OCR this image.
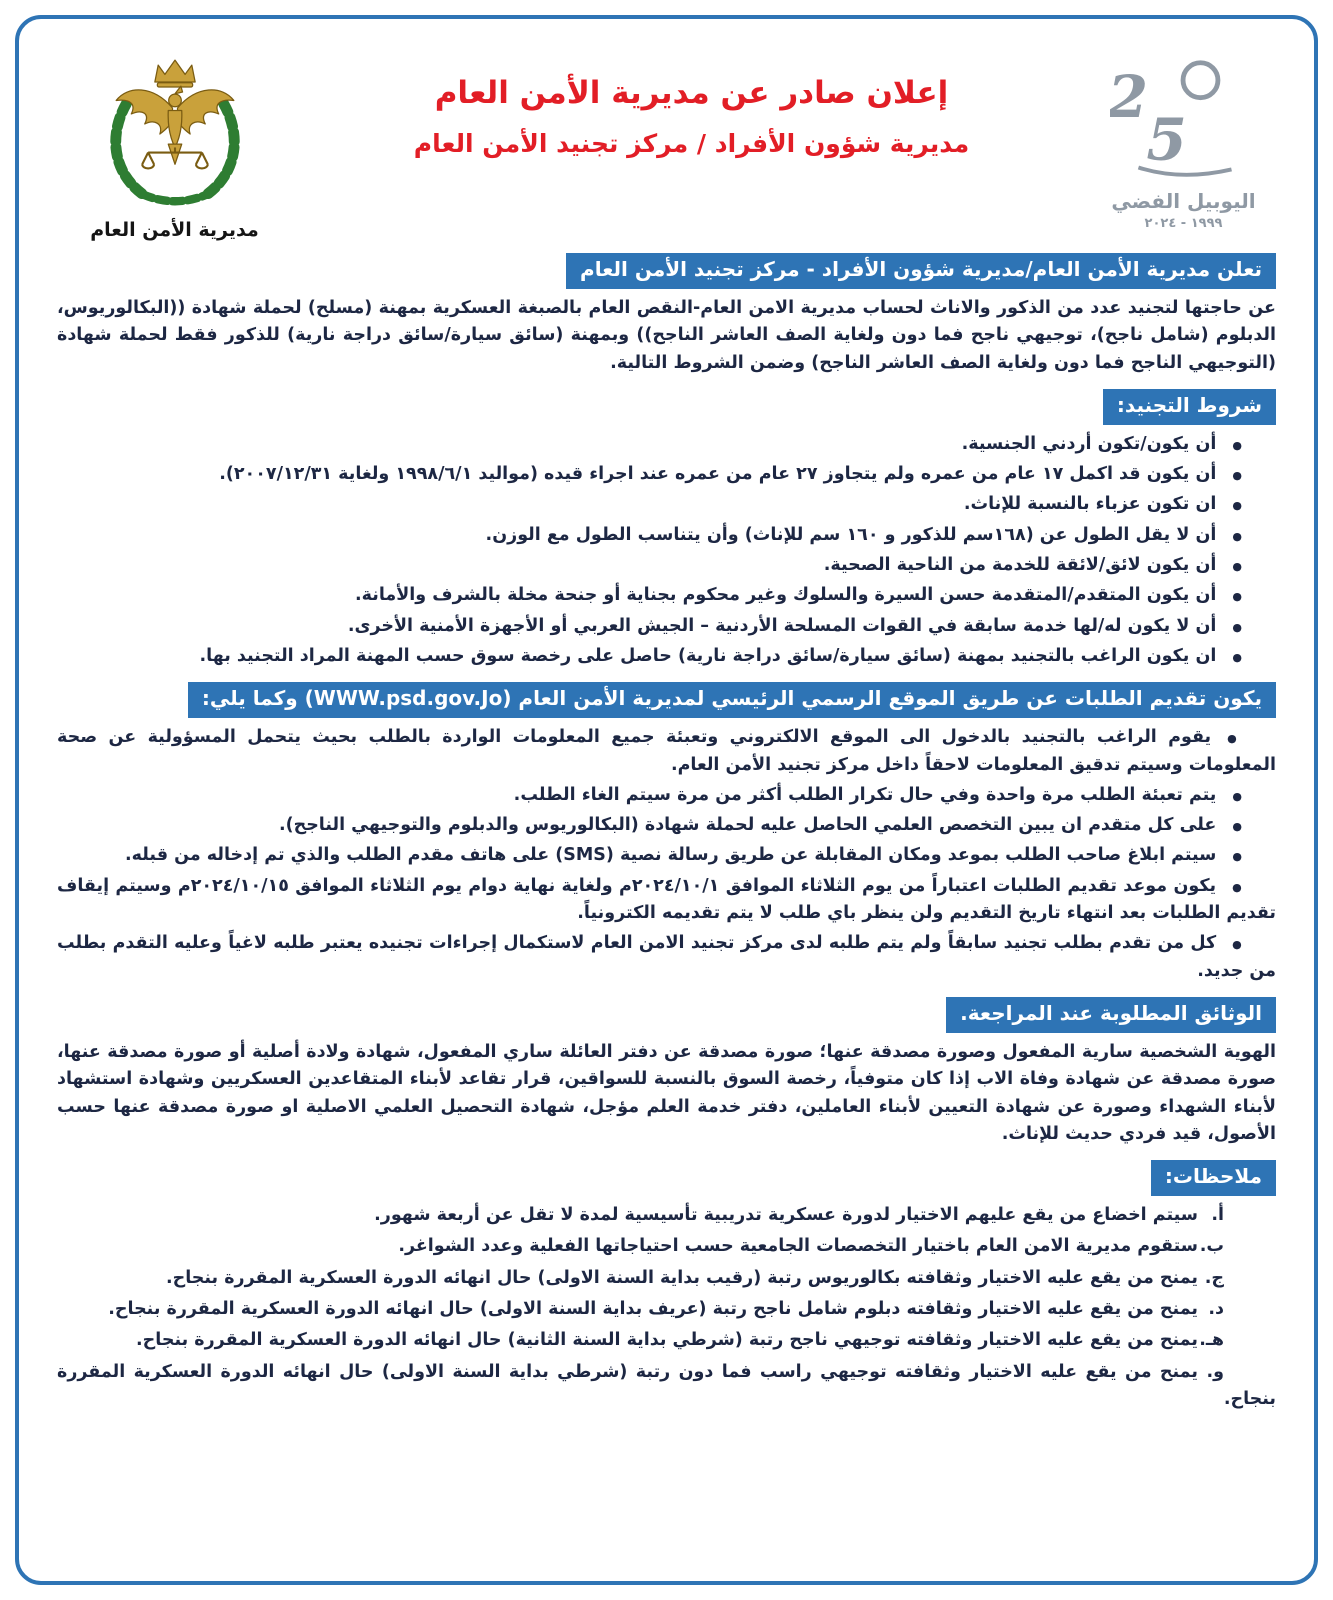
2
5
اليوبيل الفضي
١٩٩٩ - ٢٠٢٤
إعلان صادر عن مديرية الأمن العام
مديرية شؤون الأفراد / مركز تجنيد الأمن العام
مديرية الأمن العام
تعلن مديرية الأمن العام/مديرية شؤون الأفراد - مركز تجنيد الأمن العام

عن حاجتها لتجنيد عدد من الذكور والاناث لحساب مديرية الامن العام-النقص العام بالصبغة العسكرية بمهنة (مسلح) لحملة شهادة ((البكالوريوس، الدبلوم (شامل ناجح)، توجيهي ناجح فما دون ولغاية الصف العاشر الناجح)) وبمهنة (سائق سيارة/سائق دراجة نارية) للذكور فقط لحملة شهادة (التوجيهي الناجح فما دون ولغاية الصف العاشر الناجح) وضمن الشروط التالية.

شروط التجنيد:

● أن يكون/تكون أردني الجنسية.

● أن يكون قد اكمل ١٧ عام من عمره ولم يتجاوز ٢٧ عام من عمره عند اجراء قيده (مواليد ١٩٩٨/٦/١ ولغاية ٢٠٠٧/١٢/٣١).

● ان تكون عزباء بالنسبة للإناث.

● أن لا يقل الطول عن (١٦٨سم للذكور و ١٦٠ سم للإناث) وأن يتناسب الطول مع الوزن.

● أن يكون لائق/لائقة للخدمة من الناحية الصحية.

● أن يكون المتقدم/المتقدمة حسن السيرة والسلوك وغير محكوم بجناية أو جنحة مخلة بالشرف والأمانة.

● أن لا يكون له/لها خدمة سابقة في القوات المسلحة الأردنية – الجيش العربي أو الأجهزة الأمنية الأخرى.

● ان يكون الراغب بالتجنيد بمهنة (سائق سيارة/سائق دراجة نارية) حاصل على رخصة سوق حسب المهنة المراد التجنيد بها.

يكون تقديم الطلبات عن طريق الموقع الرسمي الرئيسي لمديرية الأمن العام (WWW.psd.gov.Jo) وكما يلي:

● يقوم الراغب بالتجنيد بالدخول الى الموقع الالكتروني وتعبئة جميع المعلومات الواردة بالطلب بحيث يتحمل المسؤولية عن صحة المعلومات وسيتم تدقيق المعلومات لاحقاً داخل مركز تجنيد الأمن العام.

● يتم تعبئة الطلب مرة واحدة وفي حال تكرار الطلب أكثر من مرة سيتم الغاء الطلب.

● على كل متقدم ان يبين التخصص العلمي الحاصل عليه لحملة شهادة (البكالوريوس والدبلوم والتوجيهي الناجح).

● سيتم ابلاغ صاحب الطلب بموعد ومكان المقابلة عن طريق رسالة نصية (SMS) على هاتف مقدم الطلب والذي تم إدخاله من قبله.

● يكون موعد تقديم الطلبات اعتباراً من يوم الثلاثاء الموافق ٢٠٢٤/١٠/١م ولغاية نهاية دوام يوم الثلاثاء الموافق ٢٠٢٤/١٠/١٥م وسيتم إيقاف تقديم الطلبات بعد انتهاء تاريخ التقديم ولن ينظر باي طلب لا يتم تقديمه الكترونياً.

● كل من تقدم بطلب تجنيد سابقاً ولم يتم طلبه لدى مركز تجنيد الامن العام لاستكمال إجراءات تجنيده يعتبر طلبه لاغياً وعليه التقدم بطلب من جديد.

الوثائق المطلوبة عند المراجعة.

الهوية الشخصية سارية المفعول وصورة مصدقة عنها؛ صورة مصدقة عن دفتر العائلة ساري المفعول، شهادة ولادة أصلية أو صورة مصدقة عنها، صورة مصدقة عن شهادة وفاة الاب إذا كان متوفياً، رخصة السوق بالنسبة للسواقين، قرار تقاعد لأبناء المتقاعدين العسكريين وشهادة استشهاد لأبناء الشهداء وصورة عن شهادة التعيين لأبناء العاملين، دفتر خدمة العلم مؤجل، شهادة التحصيل العلمي الاصلية او صورة مصدقة عنها حسب الأصول، قيد فردي حديث للإناث.

ملاحظات:

أ.سيتم اخضاع من يقع عليهم الاختيار لدورة عسكرية تدريبية تأسيسية لمدة لا تقل عن أربعة شهور.

ب.ستقوم مديرية الامن العام باختيار التخصصات الجامعية حسب احتياجاتها الفعلية وعدد الشواغر.

ج.يمنح من يقع عليه الاختيار وثقافته بكالوريوس رتبة (رقيب بداية السنة الاولى) حال انهائه الدورة العسكرية المقررة بنجاح.

د.يمنح من يقع عليه الاختيار وثقافته دبلوم شامل ناجح رتبة (عريف بداية السنة الاولى) حال انهائه الدورة العسكرية المقررة بنجاح.

هـ.يمنح من يقع عليه الاختيار وثقافته توجيهي ناجح رتبة (شرطي بداية السنة الثانية) حال انهائه الدورة العسكرية المقررة بنجاح.

و.يمنح من يقع عليه الاختيار وثقافته توجيهي راسب فما دون رتبة (شرطي بداية السنة الاولى) حال انهائه الدورة العسكرية المقررة بنجاح.
